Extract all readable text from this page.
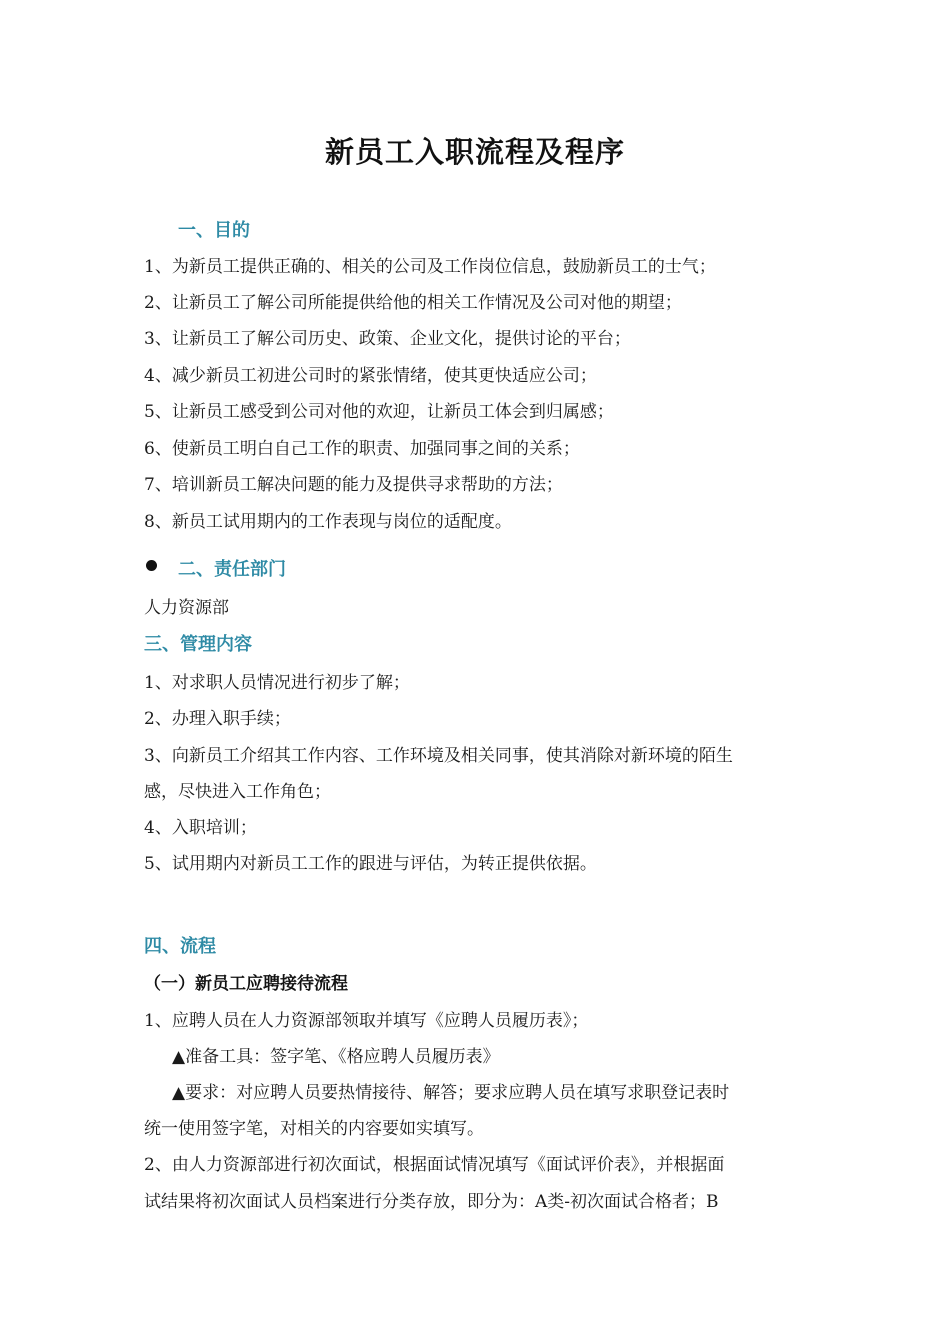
新员工入职流程及程序
一、目的
1、为新员工提供正确的、相关的公司及工作岗位信息，鼓励新员工的士气；
2、让新员工了解公司所能提供给他的相关工作情况及公司对他的期望；
3、让新员工了解公司历史、政策、企业文化，提供讨论的平台；
4、减少新员工初进公司时的紧张情绪，使其更快适应公司；
5、让新员工感受到公司对他的欢迎，让新员工体会到归属感；
6、使新员工明白自己工作的职责、加强同事之间的关系；
7、培训新员工解决问题的能力及提供寻求帮助的方法；
8、新员工试用期内的工作表现与岗位的适配度。
二、责任部门
人力资源部
三、管理内容
1、对求职人员情况进行初步了解；
2、办理入职手续；
3、向新员工介绍其工作内容、工作环境及相关同事，使其消除对新环境的陌生
感，尽快进入工作角色；
4、入职培训；
5、试用期内对新员工工作的跟进与评估，为转正提供依据。
四、流程
（一）新员工应聘接待流程
1、应聘人员在人力资源部领取并填写《应聘人员履历表》；
▲准备工具：签字笔、《格应聘人员履历表》
▲要求：对应聘人员要热情接待、解答；要求应聘人员在填写求职登记表时
统一使用签字笔，对相关的内容要如实填写。
2、由人力资源部进行初次面试，根据面试情况填写《面试评价表》，并根据面
试结果将初次面试人员档案进行分类存放，即分为：A类-初次面试合格者；B
